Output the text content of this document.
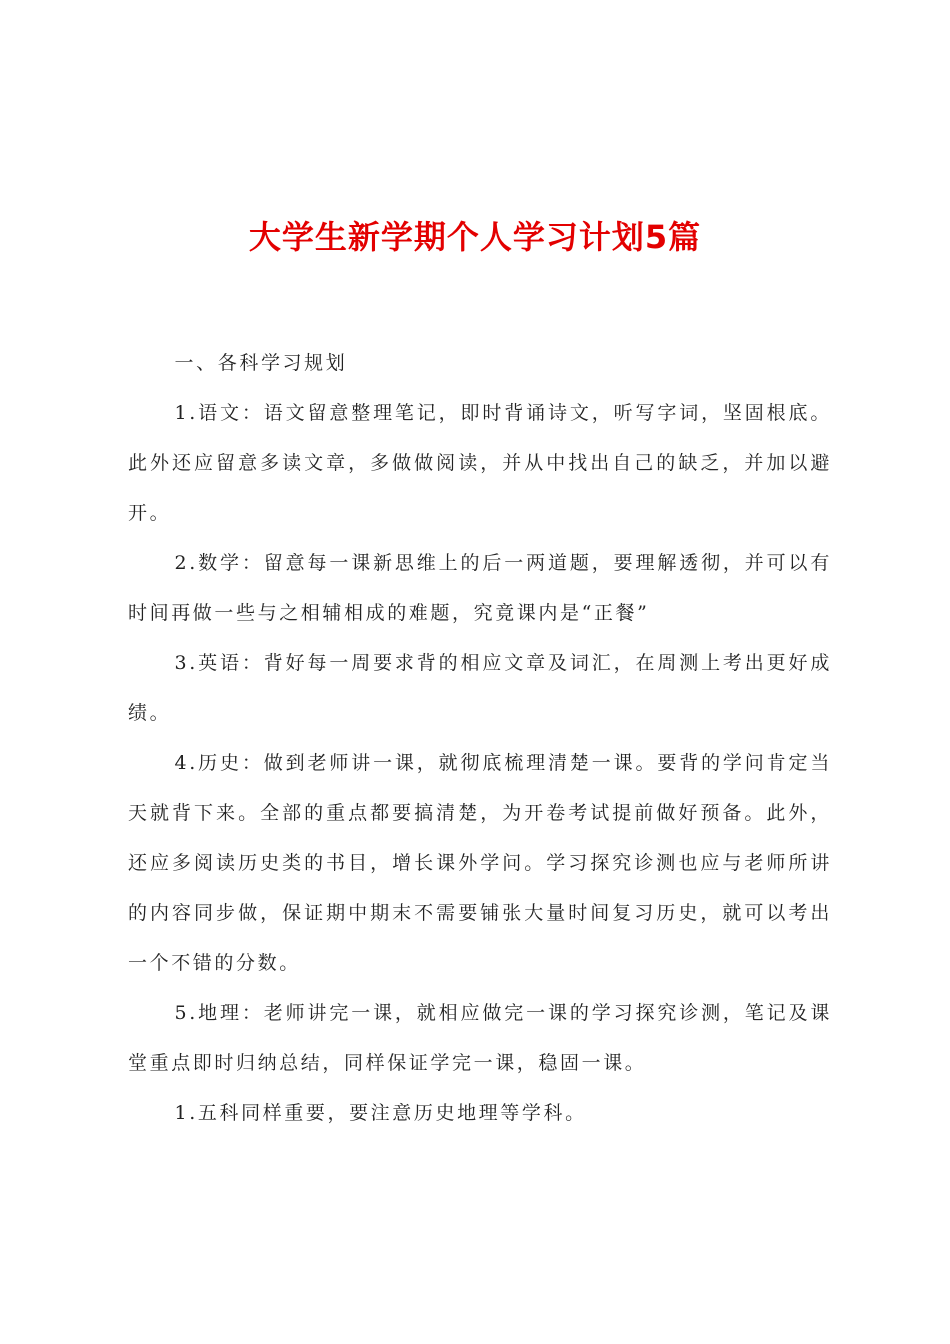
大学生新学期个人学习计划5篇

一、各科学习规划

1.语文：语文留意整理笔记，即时背诵诗文，听写字词，坚固根底。此外还应留意多读文章，多做做阅读，并从中找出自己的缺乏，并加以避开。

2.数学：留意每一课新思维上的后一两道题，要理解透彻，并可以有时间再做一些与之相辅相成的难题，究竟课内是“正餐”

3.英语：背好每一周要求背的相应文章及词汇，在周测上考出更好成绩。

4.历史：做到老师讲一课，就彻底梳理清楚一课。要背的学问肯定当天就背下来。全部的重点都要搞清楚，为开卷考试提前做好预备。此外，还应多阅读历史类的书目，增长课外学问。学习探究诊测也应与老师所讲的内容同步做，保证期中期末不需要铺张大量时间复习历史，就可以考出一个不错的分数。

5.地理：老师讲完一课，就相应做完一课的学习探究诊测，笔记及课堂重点即时归纳总结，同样保证学完一课，稳固一课。

1.五科同样重要，要注意历史地理等学科。
